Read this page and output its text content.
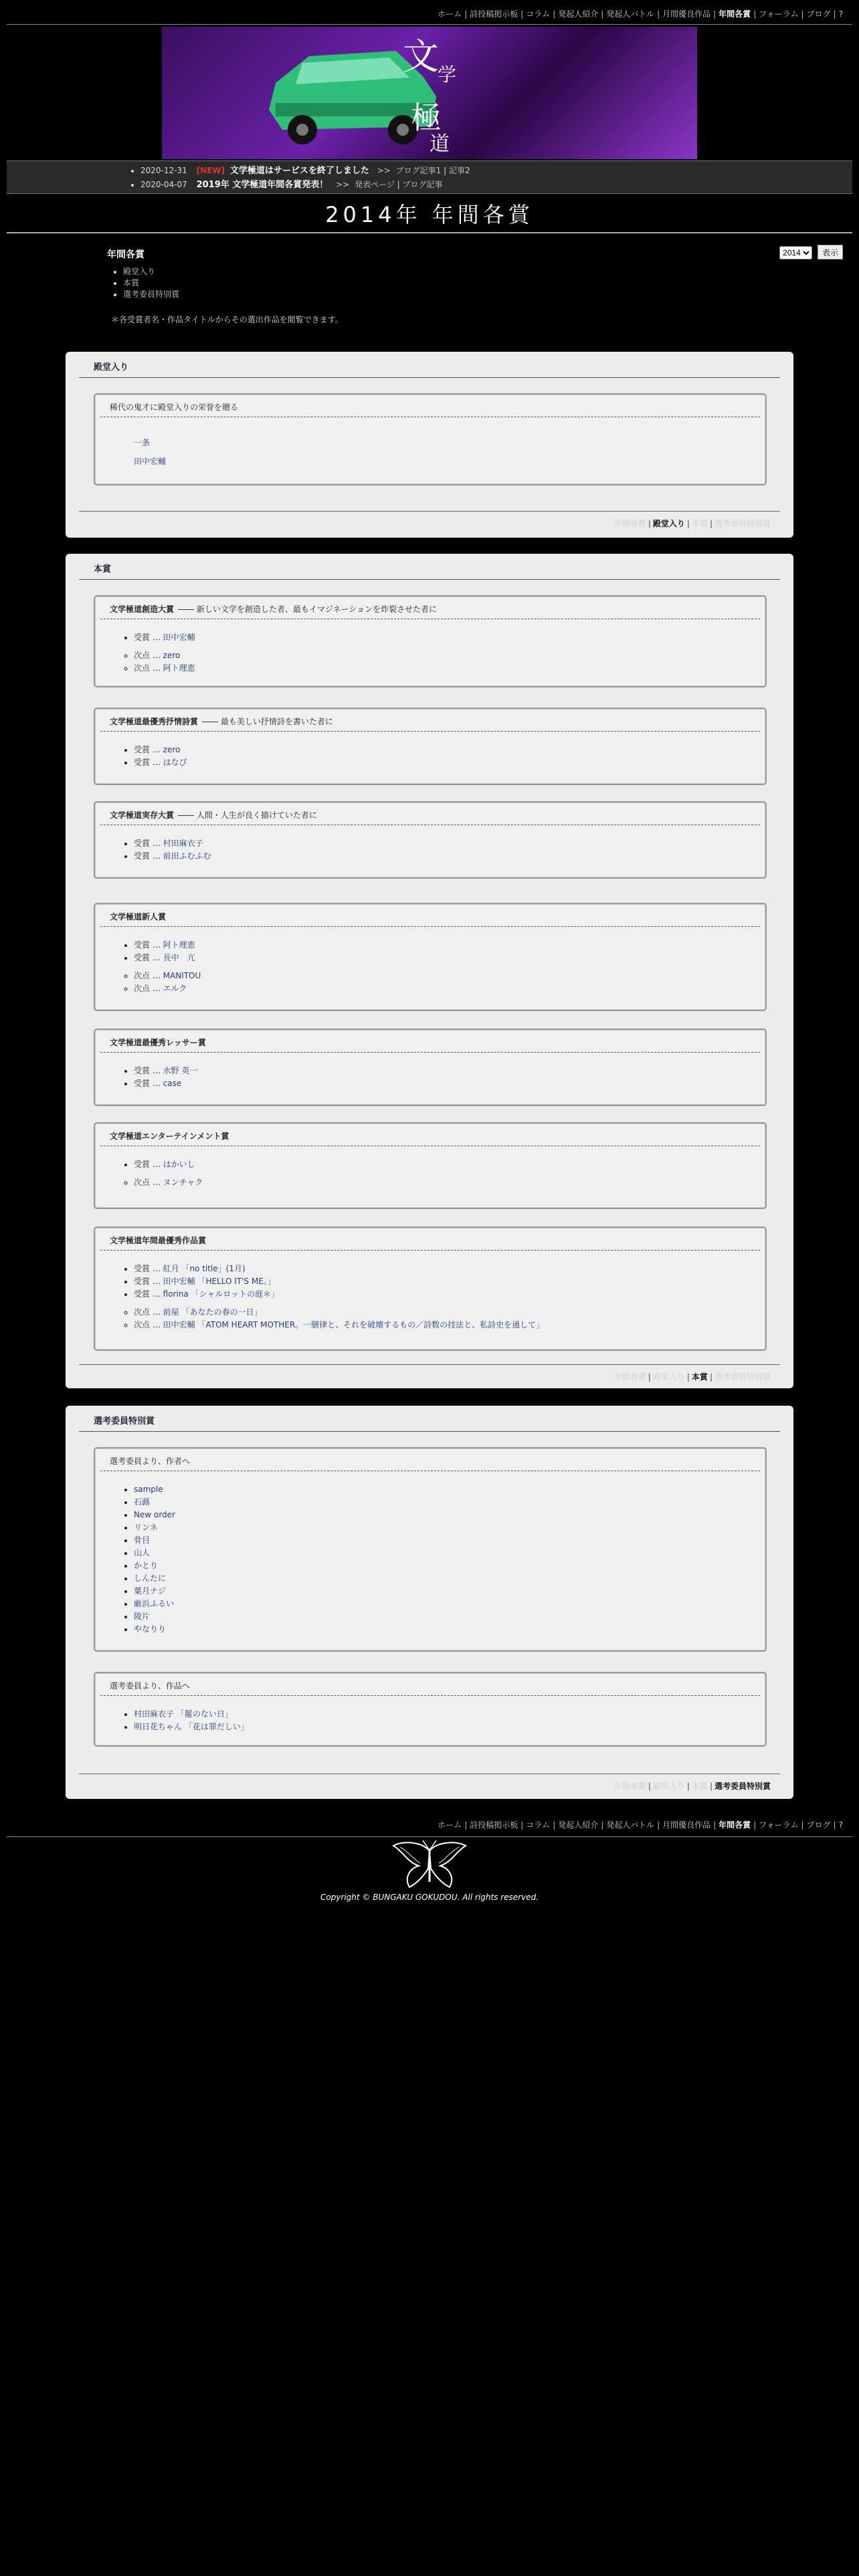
ホーム | 詩投稿掲示板 | コラム | 発起人紹介 | 発起人バトル | 月間優良作品 | 年間各賞 | フォーラム | ブログ | ?
文
学
極
道
• 2020-12-31 [NEW] 文学極道はサービスを終了しました >> ブログ記事1 | 記事2
• 2020-04-07 2019年 文学極道年間各賞発表！ >> 発表ページ | ブログ記事
2014年 年間各賞
年間各賞
• 殿堂入り
• 本賞
• 選考委員特別賞
＊各受賞者名・作品タイトルからその選出作品を閲覧できます。
2014 表示
殿堂入り
稀代の鬼才に殿堂入りの栄誉を贈る
一条
田中宏輔
年間各賞 | 殿堂入り | 本賞 | 選考委員特別賞
本賞
文学極道創造大賞 ―― 新しい文学を創造した者、最もイマジネーションを炸裂させた者に
• 受賞 … 田中宏輔
◦ 次点 … zero
◦ 次点 … 阿ト理恵
文学極道最優秀抒情詩賞 ―― 最も美しい抒情詩を書いた者に
• 受賞 … zero
• 受賞 … はなび
文学極道実存大賞 ―― 人間・人生が良く描けていた者に
• 受賞 … 村田麻衣子
• 受賞 … 前田ふむふむ
文学極道新人賞
• 受賞 … 阿ト理恵
• 受賞 … 長中　亢
◦ 次点 … MANITOU
◦ 次点 … エルク
文学極道最優秀レッサー賞
• 受賞 … 水野 英一
• 受賞 … case
文学極道エンターテインメント賞
• 受賞 … はかいし
◦ 次点 … ヌンチャク
文学極道年間最優秀作品賞
• 受賞 … 紅月 「no title」(1月)
• 受賞 … 田中宏輔 「HELLO IT'S ME。」
• 受賞 … florina 「シャルロットの庭＊」
◦ 次点 … 前屋 「あなたの春の一日」
◦ 次点 … 田中宏輔 「ATOM HEART MOTHER。一膳律と、それを破壊するもの／詩数の技法と、私詩史を通して」
年間各賞 | 殿堂入り | 本賞 | 選考委員特別賞
選考委員特別賞
選考委員より、作者へ
• sample
• 石蕗
• New order
• リンネ
• 骨目
• 山人
• かとり
• しんたに
• 葉月ナジ
• 厳浜ふるい
• 陵片
• やなりり
選考委員より、作品へ
• 村田麻衣子 「罷のない日」
• 明日花ちゃん 「花は罪だしい」
年間各賞 | 殿堂入り | 本賞 | 選考委員特別賞
ホーム | 詩投稿掲示板 | コラム | 発起人紹介 | 発起人バトル | 月間優良作品 | 年間各賞 | フォーラム | ブログ | ?
Copyright © BUNGAKU GOKUDOU. All rights reserved.
